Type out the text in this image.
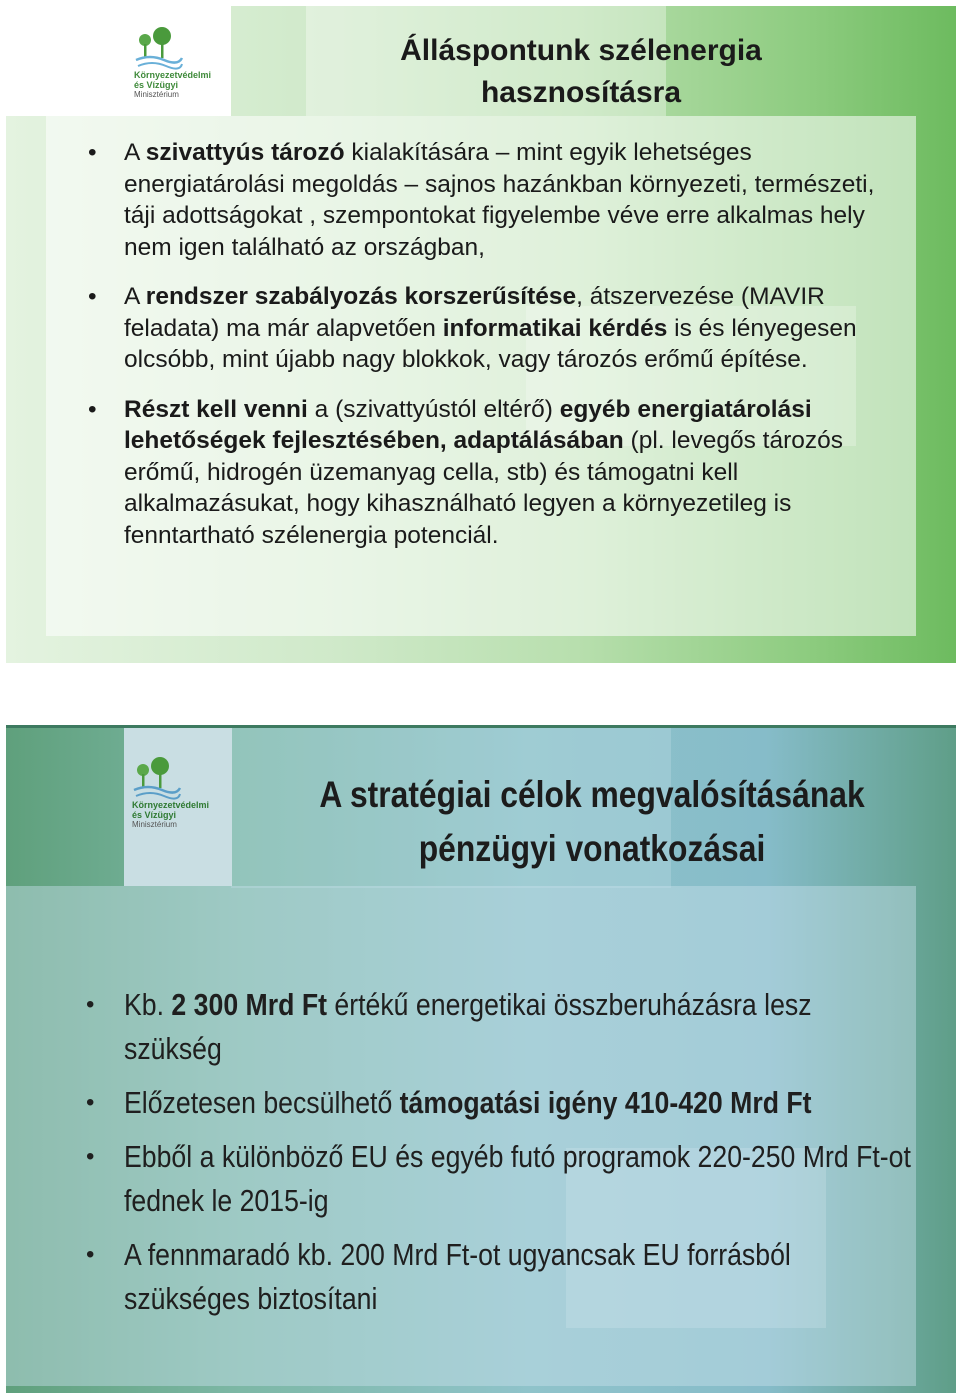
Környezetvédelmi
és Vízügyi
Minisztérium
Álláspontunk szélenergia
hasznosításra
• A szivattyús tározó kialakítására – mint egyik lehetséges energiatárolási megoldás – sajnos hazánkban környezeti, természeti, táji adottságokat , szempontokat figyelembe véve erre alkalmas hely nem igen található az országban,
• A rendszer szabályozás korszerűsítése, átszervezése (MAVIR feladata) ma már alapvetően informatikai kérdés is és lényegesen olcsóbb, mint újabb nagy blokkok, vagy tározós erőmű építése.
• Részt kell venni a (szivattyústól eltérő) egyéb energiatárolási lehetőségek fejlesztésében, adaptálásában (pl. levegős tározós erőmű, hidrogén üzemanyag cella, stb) és támogatni kell alkalmazásukat, hogy kihasználható legyen a környezetileg is fenntartható szélenergia potenciál.
Környezetvédelmi
és Vízügyi
Minisztérium
A stratégiai célok megvalósításának
pénzügyi vonatkozásai
• Kb. 2 300 Mrd Ft értékű energetikai összberuházásra lesz szükség
• Előzetesen becsülhető támogatási igény 410-420 Mrd Ft
• Ebből a különböző EU és egyéb futó programok 220-250 Mrd Ft-ot fednek le 2015-ig
• A fennmaradó kb. 200 Mrd Ft-ot ugyancsak EU forrásból szükséges biztosítani
